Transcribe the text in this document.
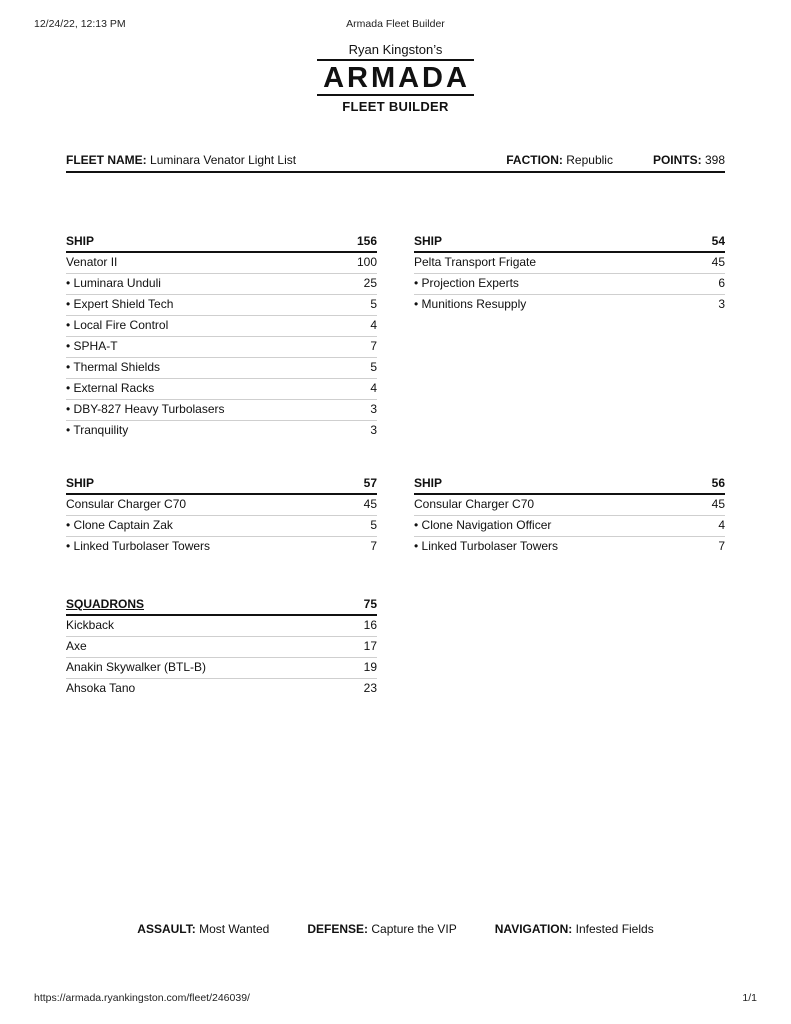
12/24/22, 12:13 PM	Armada Fleet Builder
Ryan Kingston’s
ARMADA
FLEET BUILDER
FLEET NAME: Luminara Venator Light List	FACTION: Republic	POINTS: 398
SHIP	156
Venator II	100
• Luminara Unduli	25
• Expert Shield Tech	5
• Local Fire Control	4
• SPHA-T	7
• Thermal Shields	5
• External Racks	4
• DBY-827 Heavy Turbolasers	3
• Tranquility	3
SHIP	54
Pelta Transport Frigate	45
• Projection Experts	6
• Munitions Resupply	3
SHIP	57
Consular Charger C70	45
• Clone Captain Zak	5
• Linked Turbolaser Towers	7
SHIP	56
Consular Charger C70	45
• Clone Navigation Officer	4
• Linked Turbolaser Towers	7
SQUADRONS	75
Kickback	16
Axe	17
Anakin Skywalker (BTL-B)	19
Ahsoka Tano	23
ASSAULT: Most Wanted	DEFENSE: Capture the VIP	NAVIGATION: Infested Fields
https://armada.ryankingston.com/fleet/246039/	1/1
